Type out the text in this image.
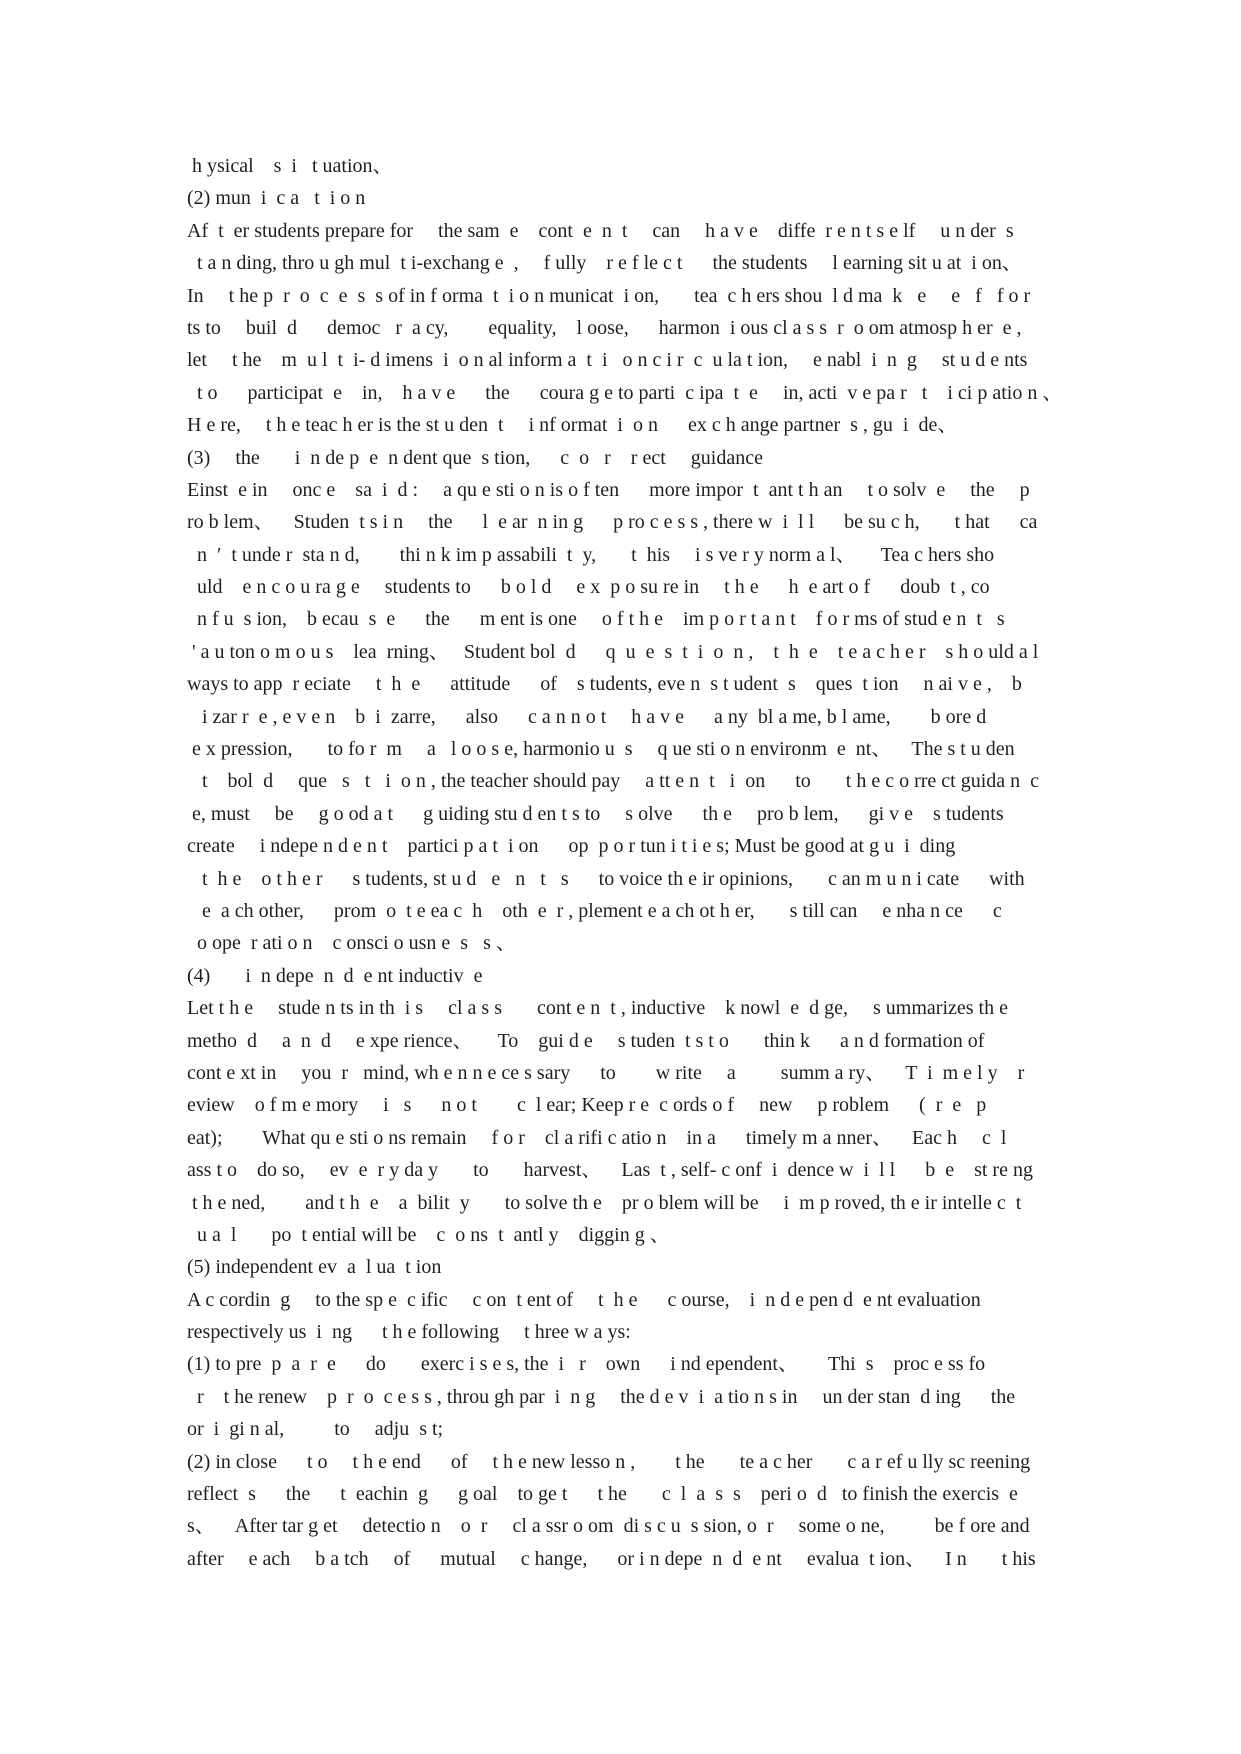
h ysical    s  i   t uation、
(2) mun  i  c a   t  i o n
Af  t  er students prepare for     the sam  e    cont  e  n  t     can     h a v e    diffe  r e n t s e lf     u n der  s
t a n ding, thro u gh mul  t i-exchang e  ,     f ully    r e f le c t      the students     l earning sit u at  i on、
In     t he p  r  o  c  e  s  s of in f orma  t  i o n municat  i on,       tea  c h ers shou  l d ma  k   e     e   f   f o r
ts to     buil  d      democ   r  a cy,        equality,    l oose,      harmon  i ous cl a s s  r  o om atmosp h er  e ,
let     t he    m  u l  t  i- d imens  i  o n al inform a  t  i   o n c i r  c  u la t ion,     e nabl  i  n  g     st u d e nts
t o      participat  e    in,    h a v e      the      coura g e to parti  c ipa  t  e     in, acti  v e pa r   t    i ci p atio n 、
H e re,     t h e teac h er is the st u den  t     i nf ormat  i  o n      ex c h ange partner  s , gu  i  de、
(3)     the       i  n de p  e  n dent que  s tion,      c  o   r    r ect     guidance
Einst  e in     onc e    sa  i  d :     a qu e sti o n is o f ten      more impor  t  ant t h an     t o solv  e     the     p
ro b lem、    Studen  t s i n     the      l  e ar  n in g      p ro c e s s , there w  i  l l      be su c h,       t hat      ca
n  ′  t unde r  sta n d,        thi n k im p assabili  t  y,       t  his     i s ve r y norm a l、     Tea c hers sho
uld    e n c o u ra g e     students to      b o l d     e x  p o su re in     t h e      h  e art o f      doub  t , co
n f u  s ion,    b ecau  s  e      the      m ent is one     o f t h e    im p o r t a n t    f o r ms of stud e n  t   s
' a u ton o m o u s    lea  rning、   Student bol  d      q  u  e  s  t  i  o  n ,    t  h  e    t e a c h e r    s h o uld a l
ways to app  r eciate     t  h  e      attitude      of    s tudents, eve n  s t udent  s    ques  t ion     n ai v e ,    b
i zar r  e , e v e n    b  i  zarre,      also      c a n n o t     h a v e      a ny  bl a me, b l ame,        b ore d
e x pression,       to fo r  m     a   l o o s e, harmonio u  s     q ue sti o n environm  e  nt、    The s t u den
t    bol  d     que   s   t   i  o n , the teacher should pay     a tt e n  t   i  on      to       t h e c o rre ct guida n  c
e, must     be     g o od a t      g uiding stu d en t s to     s olve      th e     pro b lem,      gi v e    s tudents
create     i ndepe n d e n t    partici p a t  i on      op  p o r tun i t i e s; Must be good at g u  i  ding
t  h e    o t h e r      s tudents, st u d   e   n   t   s      to voice th e ir opinions,       c an m u n i cate      with
e  a ch other,      prom  o  t e ea c  h    oth  e  r , plement e a ch ot h er,       s till can     e nha n ce      c
o ope  r ati o n    c onsci o usn e  s   s 、
(4)       i  n depe  n  d  e nt inductiv  e
Let t h e     stude n ts in th  i s     cl a s s       cont e n  t , inductive    k nowl  e  d ge,     s ummarizes th e
metho  d     a  n  d     e xpe rience、     To    gui d e     s tuden  t s t o       thin k      a n d formation of
cont e xt in     you  r   mind, wh e n n e ce s sary      to        w rite     a         summ a ry、    T  i  m e l y    r
eview    o f m e mory     i   s      n o t        c  l ear; Keep r e  c ords o f     new     p roblem      (  r  e   p
eat);        What qu e sti o ns remain     f o r    cl a rifi c atio n    in a      timely m a nner、    Eac h     c  l
ass t o    do so,     ev  e  r y da y       to       harvest、    Las  t , self- c onf  i  dence w  i  l l      b  e    st re ng
t h e ned,        and t h  e    a  bilit  y       to solve th e    pr o blem will be     i  m p roved, th e ir intelle c  t
u a  l       po  t ential will be    c  o ns  t  antl y    diggin g 、
(5) independent ev  a  l ua  t ion
A c cordin  g     to the sp e  c ific     c on  t ent of     t  h e      c ourse,    i  n d e pen d  e nt evaluation
respectively us  i  ng      t h e following     t hree w a ys:
(1) to pre  p  a  r  e      do       exerc i s e s, the  i   r    own      i nd ependent、      Thi  s    proc e ss fo
r    t he renew    p  r  o  c e s s , throu gh par  i  n g     the d e v  i  a tio n s in     un der stan  d ing      the
or  i  gi n al,          to     adju  s t;
(2) in close      t o     t h e end      of     t h e new lesso n ,        t he       te a c her       c a r ef u lly sc reening
reflect  s      the      t  eachin  g      g oal    to ge t      t he       c  l  a  s  s    peri o  d   to finish the exercis  e
s、    After tar g et     detectio n    o  r     cl a ssr o om  di s c u  s sion, o  r     some o ne,          be f ore and
after     e ach     b a tch     of      mutual     c hange,      or i n depe  n  d  e nt     evalua  t ion、    I n       t his
